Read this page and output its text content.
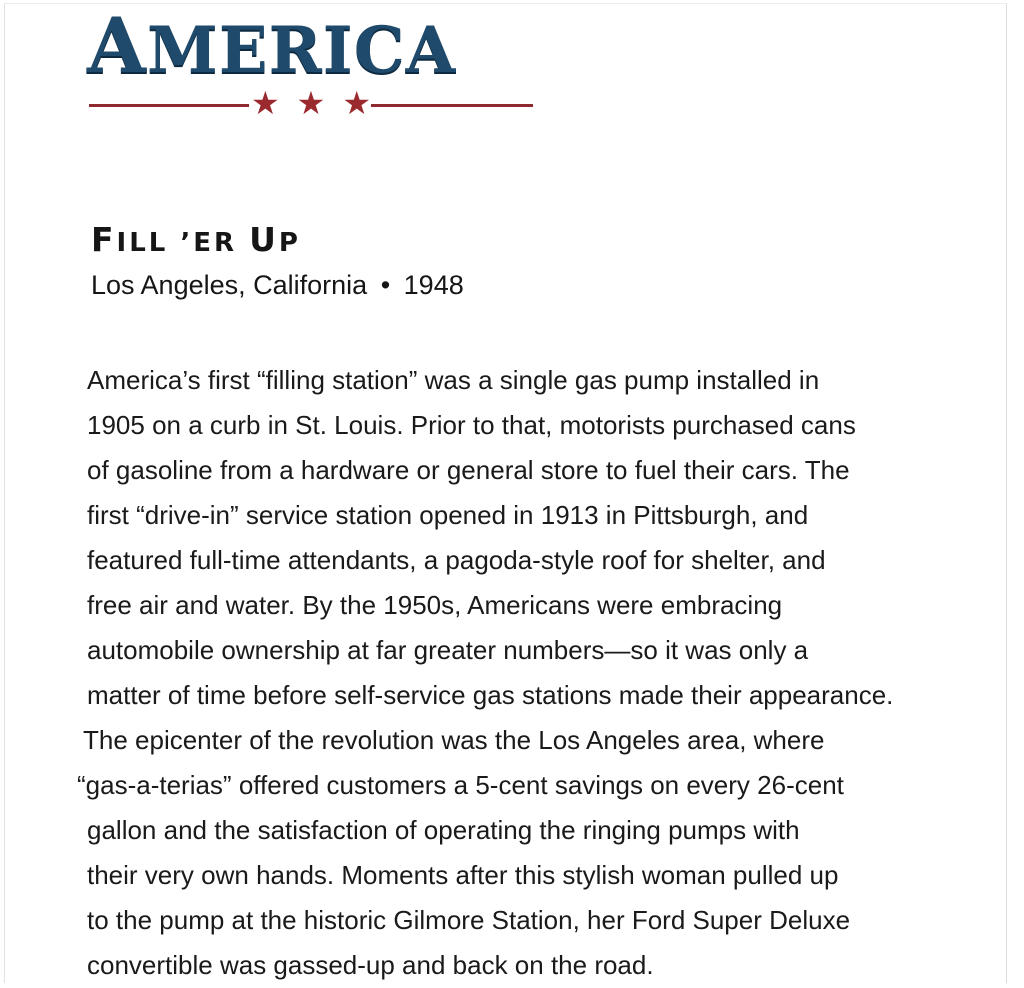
AMERICA
★ ★ ★
FILL ’ER UP
Los Angeles, California • 1948
America’s first “filling station” was a single gas pump installed in
1905 on a curb in St. Louis. Prior to that, motorists purchased cans
of gasoline from a hardware or general store to fuel their cars. The
first “drive-in” service station opened in 1913 in Pittsburgh, and
featured full-time attendants, a pagoda-style roof for shelter, and
free air and water. By the 1950s, Americans were embracing
automobile ownership at far greater numbers—so it was only a
matter of time before self-service gas stations made their appearance.
The epicenter of the revolution was the Los Angeles area, where
“gas-a-terias” offered customers a 5-cent savings on every 26-cent
gallon and the satisfaction of operating the ringing pumps with
their very own hands. Moments after this stylish woman pulled up
to the pump at the historic Gilmore Station, her Ford Super Deluxe
convertible was gassed-up and back on the road.
